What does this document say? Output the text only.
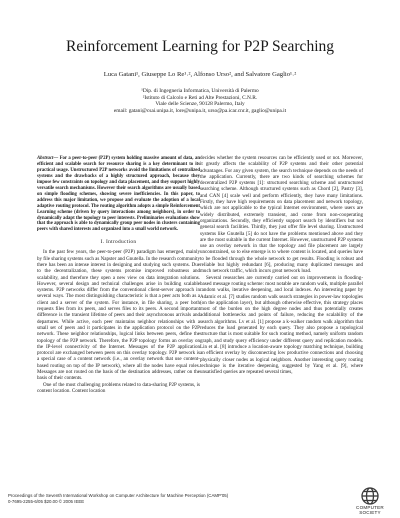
Reinforcement Learning for P2P Searching
Luca Gatani¹, Giuseppe Lo Re¹˒², Alfonso Urso², and Salvatore Gaglio¹˒²
¹Dip. di Ingegneria Informatica, Università di Palermo
²Istituto di Calcolo e Reti ad Alte Prestazioni, C.N.R.
Viale delle Scienze, 90128 Palermo, Italy
email: gatani@csai.unipa.it, lore@unipa.it, urso@pa.icar.cnr.it, gaglio@unipa.it
Abstract— For a peer-to-peer (P2P) system holding massive amount of data, an efficient and scalable search for resource sharing is a key determinant to its practical usage. Unstructured P2P networks avoid the limitations of centralized systems and the drawbacks of a highly structured approach, because they impose few constraints on topology and data placement, and they support highly versatile search mechanisms. However their search algorithms are usually based on simple flooding schemes, showing severe inefficiencies. In this paper, to address this major limitation, we propose and evaluate the adoption of a local adaptive routing protocol. The routing algorithm adopts a simple Reinforcement Learning scheme (driven by query interactions among neighbors), in order to dynamically adapt the topology to peer interests. Preliminaries evaluations show that the approach is able to dynamically group peer nodes in clusters containing peers with shared interests and organized into a small world network.
I. Introduction

In the past few years, the peer-to-peer (P2P) paradigm has emerged, mainly by file sharing systems such as Napster and Gnutella. In the research community there has been an intense interest in designing and studying such systems. Due to the decentralization, these systems promise improved robustness and scalability, and therefore they open a new view on data integration solutions. However, several design and technical challenges arise in building scalable systems. P2P networks differ from the conventional client-server approach in several ways. The most distinguishing characteristic is that a peer acts both as a client and a server of the system. For instance, in file sharing, a peer both requests files from its peers, and serves files to its peers. A second important difference is the transient lifetime of peers and their asynchronous arrivals and departures. While active, each peer maintains neighbor relationships with a small set of peers and it participates in the application protocol on the P2P network. These neighbor relationships, logical links between peers, define the topology of the P2P network. Therefore, the P2P topology forms an overlay on the IP-level connectivity of the Internet. Messages of the P2P application protocol are exchanged between peers on this overlay topology. P2P network is a special case of a content network (i.e., an overlay network that use content-based routing on top of the IP network), where all the nodes have equal roles. Messages are not routed on the basis of the destination addresses, rather on the basis of their contents.

One of the most challenging problems related to data-sharing P2P systems, is content location. Content location

decides whether the system resources can be efficiently used or not. Moreover, it greatly affects the scalability of P2P systems and their other potential advantages. For any given system, the search technique depends on the needs of the application. Currently, there are two kinds of searching schemes for decentralized P2P systems [1]: structured searching scheme and unstructured searching scheme. Although structured systems such as Chord [2], Pastry [3], and CAN [4] scale well and perform efficiently, they have many limitations. Firstly, they have high requirements on data placement and network topology, which are not applicable to the typical Internet environment, where users are widely distributed, extremely transient, and come from non-cooperating organizations. Secondly, they efficiently support search by identifiers but not general search facilities. Thirdly, they just offer file level sharing. Unstructured systems like Gnutella [5] do not have the problems mentioned above and they are the most suitable in the current Internet. However, unstructured P2P systems use an overlay network in that the topology and file placement are largely unconstrained, so to else emerge is to where content is located, and queries have to be flooded through the whole network to get results. Flooding is robust and reliable but highly redundant [6], producing many duplicated messages and much network traffic, which incurs great network load.

Several researches are currently carried out on improvements in flooding-based message routing scheme: most notable are random walk, multiple parallel random walks, iterative deepening, and local indexes. An interesting paper by Adamic et al. [7] studies random walk search strategies in power-law topologies (on the application layer), but although otherwise effective, this strategy places most of the burden on the high degree nodes and thus potentially creates additional bottlenecks and points of failure, reducing the scalability of the search algorithms. Lv et al. [1] propose a k-walker random walk algorithm that reduces the load generated by each query. They also propose a topological structure that is most suitable for such routing method, namely uniform random graph, and study query efficiency under different query and replication models. Lin et al. [8] introduce a location-aware topology matching technique, building an efficient overlay by disconnecting low productive connections and choosing physically closer nodes as logical neighbors. Another interesting query routing technique is the iterative deepening, suggested by Yang et al. [9], where unsatisfied queries are repeated several times,

Proceedings of the Seventh International Workshop on Computer Architecture for Machine Perception (CAMP'05)
0-7695-2255-6/05 $20.00 © 2005 IEEE
COMPUTER
SOCIETY
